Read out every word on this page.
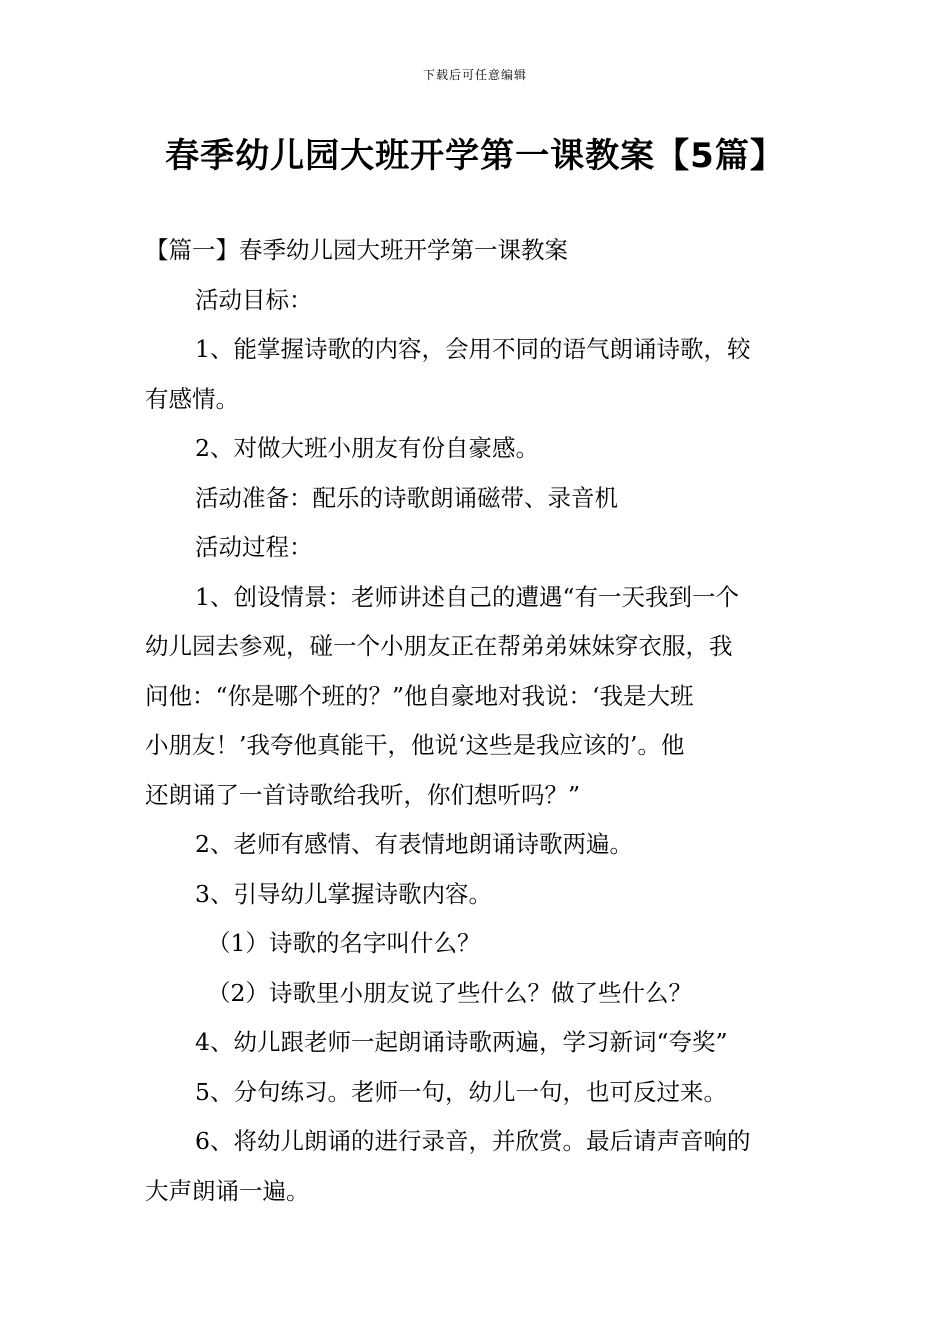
下载后可任意编辑
春季幼儿园大班开学第一课教案【5篇】
【篇一】春季幼儿园大班开学第一课教案
活动目标：
1、能掌握诗歌的内容，会用不同的语气朗诵诗歌，较
有感情。
2、对做大班小朋友有份自豪感。
活动准备：配乐的诗歌朗诵磁带、录音机
活动过程：
1、创设情景：老师讲述自己的遭遇“有一天我到一个
幼儿园去参观，碰一个小朋友正在帮弟弟妹妹穿衣服，我
问他：“你是哪个班的？”他自豪地对我说：‘我是大班
小朋友！’我夸他真能干，他说‘这些是我应该的’。他
还朗诵了一首诗歌给我听，你们想听吗？”
2、老师有感情、有表情地朗诵诗歌两遍。
3、引导幼儿掌握诗歌内容。
（1）诗歌的名字叫什么？
（2）诗歌里小朋友说了些什么？做了些什么？
4、幼儿跟老师一起朗诵诗歌两遍，学习新词“夸奖”
5、分句练习。老师一句，幼儿一句，也可反过来。
6、将幼儿朗诵的进行录音，并欣赏。最后请声音响的
大声朗诵一遍。
